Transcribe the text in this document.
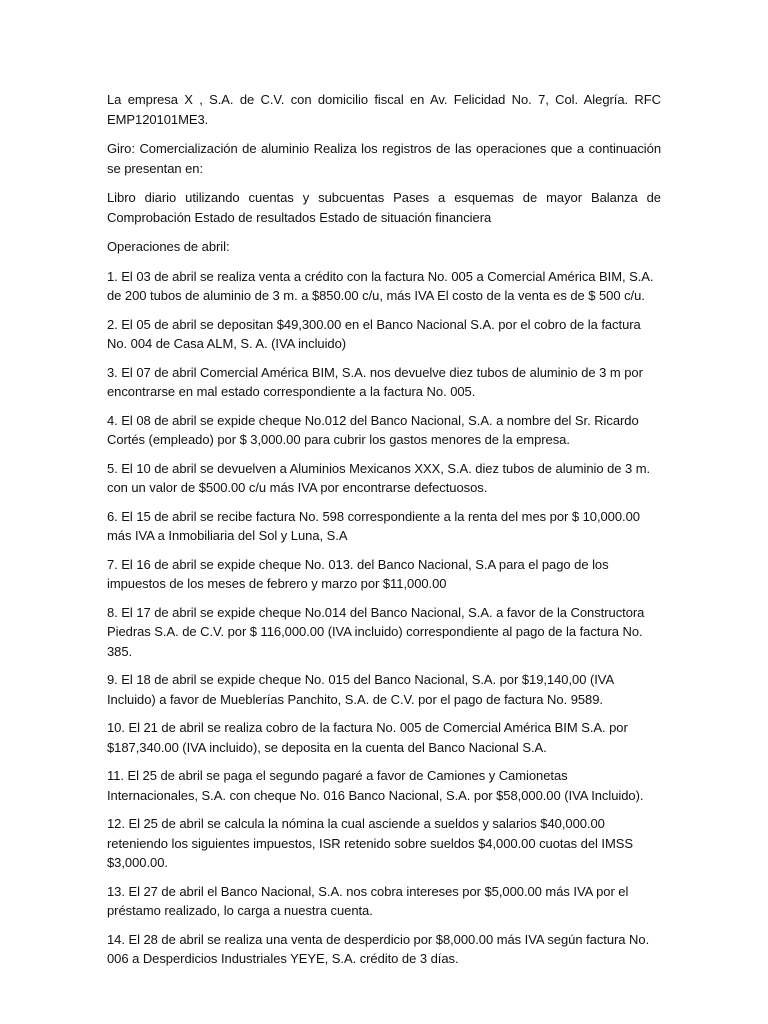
La empresa X , S.A. de C.V. con domicilio fiscal en Av. Felicidad No. 7, Col. Alegría. RFC EMP120101ME3.

Giro: Comercialización de aluminio Realiza los registros de las operaciones que a continuación se presentan en:

Libro diario utilizando cuentas y subcuentas Pases a esquemas de mayor Balanza de Comprobación Estado de resultados Estado de situación financiera

Operaciones de abril:

1. El 03 de abril se realiza venta a crédito con la factura No. 005 a Comercial América BIM, S.A. de 200 tubos de aluminio de 3 m. a $850.00 c/u, más IVA El costo de la venta es de $ 500 c/u.

2. El 05 de abril se depositan $49,300.00 en el Banco Nacional S.A. por el cobro de la factura No. 004 de Casa ALM, S. A. (IVA incluido)

3. El 07 de abril Comercial América BIM, S.A. nos devuelve diez tubos de aluminio de 3 m por encontrarse en mal estado correspondiente a la factura No. 005.

4. El 08 de abril se expide cheque No.012 del Banco Nacional, S.A. a nombre del Sr. Ricardo Cortés (empleado) por $ 3,000.00 para cubrir los gastos menores de la empresa.

5. El 10 de abril se devuelven a Aluminios Mexicanos XXX, S.A. diez tubos de aluminio de 3 m. con un valor de $500.00 c/u más IVA por encontrarse defectuosos.

6. El 15 de abril se recibe factura No. 598 correspondiente a la renta del mes por $ 10,000.00 más IVA a Inmobiliaria del Sol y Luna, S.A

7. El 16 de abril se expide cheque No. 013. del Banco Nacional, S.A para el pago de los impuestos de los meses de febrero y marzo por $11,000.00

8. El 17 de abril se expide cheque No.014 del Banco Nacional, S.A. a favor de la Constructora Piedras S.A. de C.V. por $ 116,000.00 (IVA incluido) correspondiente al pago de la factura No. 385.

9. El 18 de abril se expide cheque No. 015 del Banco Nacional, S.A. por $19,140,00 (IVA Incluido) a favor de Mueblerías Panchito, S.A. de C.V. por el pago de factura No. 9589.

10. El 21 de abril se realiza cobro de la factura No. 005 de Comercial América BIM S.A. por $187,340.00 (IVA incluido), se deposita en la cuenta del Banco Nacional S.A.

11. El 25 de abril se paga el segundo pagaré a favor de Camiones y Camionetas Internacionales, S.A. con cheque No. 016 Banco Nacional, S.A. por $58,000.00 (IVA Incluido).

12. El 25 de abril se calcula la nómina la cual asciende a sueldos y salarios $40,000.00 reteniendo los siguientes impuestos, ISR retenido sobre sueldos $4,000.00 cuotas del IMSS $3,000.00.

13. El 27 de abril el Banco Nacional, S.A. nos cobra intereses por $5,000.00 más IVA por el préstamo realizado, lo carga a nuestra cuenta.

14. El 28 de abril se realiza una venta de desperdicio por $8,000.00 más IVA según factura No. 006 a Desperdicios Industriales YEYE, S.A. crédito de 3 días.
